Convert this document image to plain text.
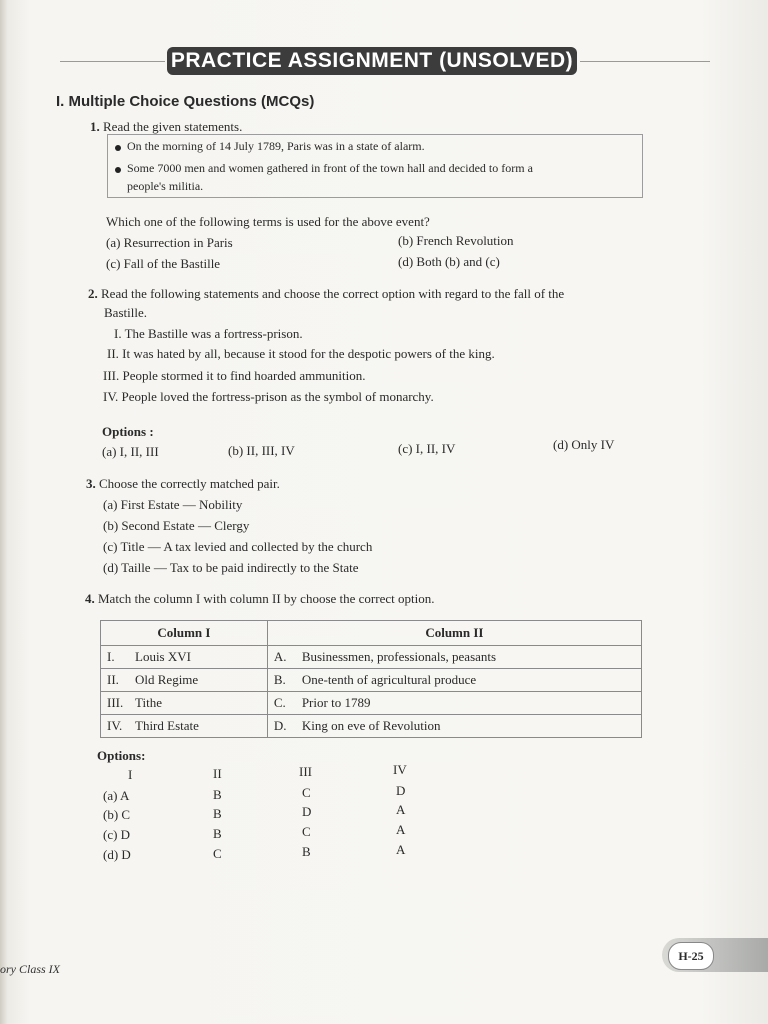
PRACTICE ASSIGNMENT (UNSOLVED)
I. Multiple Choice Questions (MCQs)
1. Read the given statements.
On the morning of 14 July 1789, Paris was in a state of alarm.
Some 7000 men and women gathered in front of the town hall and decided to form a
people's militia.
Which one of the following terms is used for the above event?
(a) Resurrection in Paris	(b) French Revolution
(c) Fall of the Bastille	(d) Both (b) and (c)
2. Read the following statements and choose the correct option with regard to the fall of the
Bastille.
I. The Bastille was a fortress-prison.
II. It was hated by all, because it stood for the despotic powers of the king.
III. People stormed it to find hoarded ammunition.
IV. People loved the fortress-prison as the symbol of monarchy.
Options :
(a) I, II, III	(b) II, III, IV	(c) I, II, IV	(d) Only IV
3. Choose the correctly matched pair.
(a) First Estate — Nobility
(b) Second Estate — Clergy
(c) Title — A tax levied and collected by the church
(d) Taille — Tax to be paid indirectly to the State
4. Match the column I with column II by choose the correct option.
Column I	Column II
I. Louis XVI	A. Businessmen, professionals, peasants
II. Old Regime	B. One-tenth of agricultural produce
III. Tithe	C. Prior to 1789
IV. Third Estate	D. King on eve of Revolution
Options:
I	II	III	IV
(a) A	B	C	D
(b) C	B	D	A
(c) D	B	C	A
(d) D	C	B	A
ory Class IX
H-25
